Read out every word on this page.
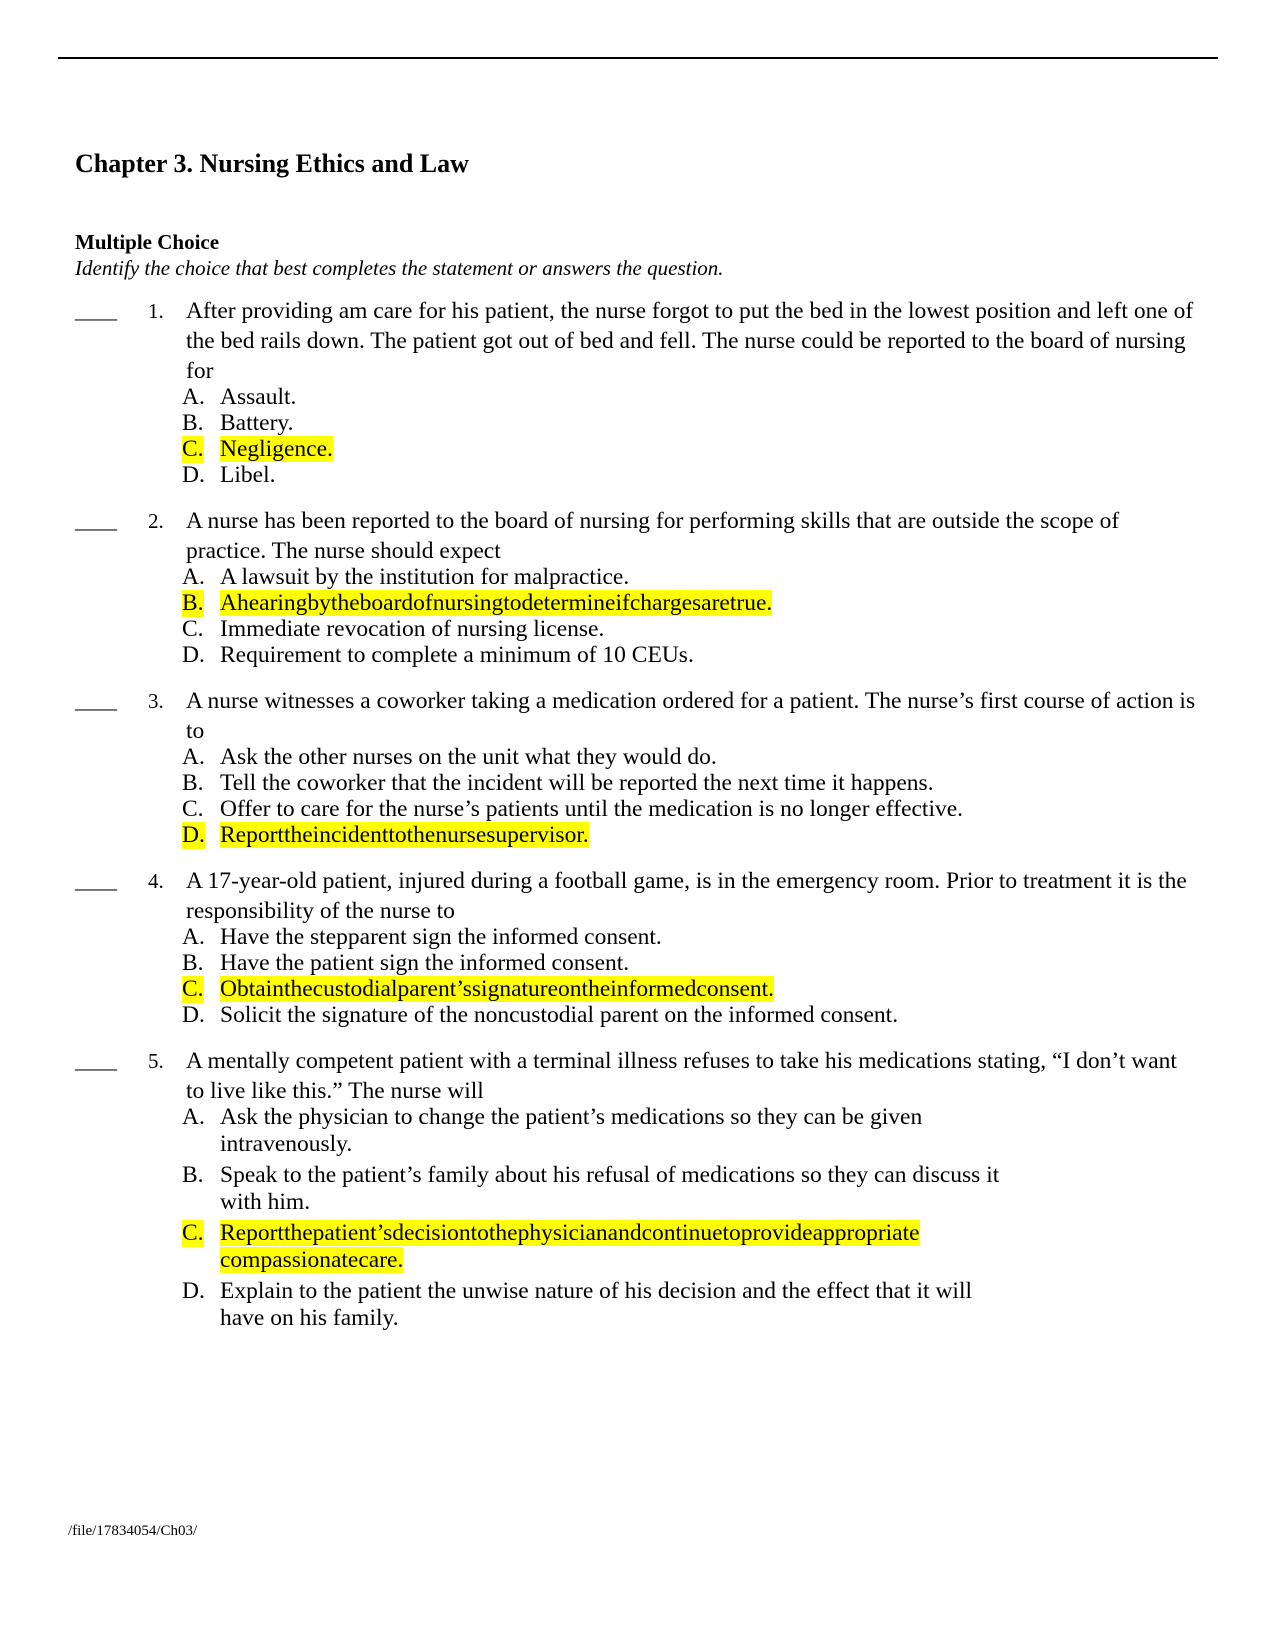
Chapter 3. Nursing Ethics and Law
Multiple Choice
Identify the choice that best completes the statement or answers the question.
____ 1. After providing am care for his patient, the nurse forgot to put the bed in the lowest position and left one of the bed rails down. The patient got out of bed and fell. The nurse could be reported to the board of nursing for
A. Assault.
B. Battery.
C. Negligence.
D. Libel.
____ 2. A nurse has been reported to the board of nursing for performing skills that are outside the scope of practice. The nurse should expect
A. A lawsuit by the institution for malpractice.
B. Ahearingbytheboardofnursingtodetermineifchargesaretrue.
C. Immediate revocation of nursing license.
D. Requirement to complete a minimum of 10 CEUs.
____ 3. A nurse witnesses a coworker taking a medication ordered for a patient. The nurse’s first course of action is to
A. Ask the other nurses on the unit what they would do.
B. Tell the coworker that the incident will be reported the next time it happens.
C. Offer to care for the nurse’s patients until the medication is no longer effective.
D. Reporttheincidenttothenursesupervisor.
____ 4. A 17-year-old patient, injured during a football game, is in the emergency room. Prior to treatment it is the responsibility of the nurse to
A. Have the stepparent sign the informed consent.
B. Have the patient sign the informed consent.
C. Obtainthecustodialparent’ssignatureontheinformedconsent.
D. Solicit the signature of the noncustodial parent on the informed consent.
____ 5. A mentally competent patient with a terminal illness refuses to take his medications stating, “I don’t want to live like this.” The nurse will
A. Ask the physician to change the patient’s medications so they can be given intravenously.
B. Speak to the patient’s family about his refusal of medications so they can discuss it with him.
C. Reportthepatient’sdecisiontothephysicianandcontinuetoprovideappropriate compassionatecare.
D. Explain to the patient the unwise nature of his decision and the effect that it will have on his family.
/file/17834054/Ch03/
